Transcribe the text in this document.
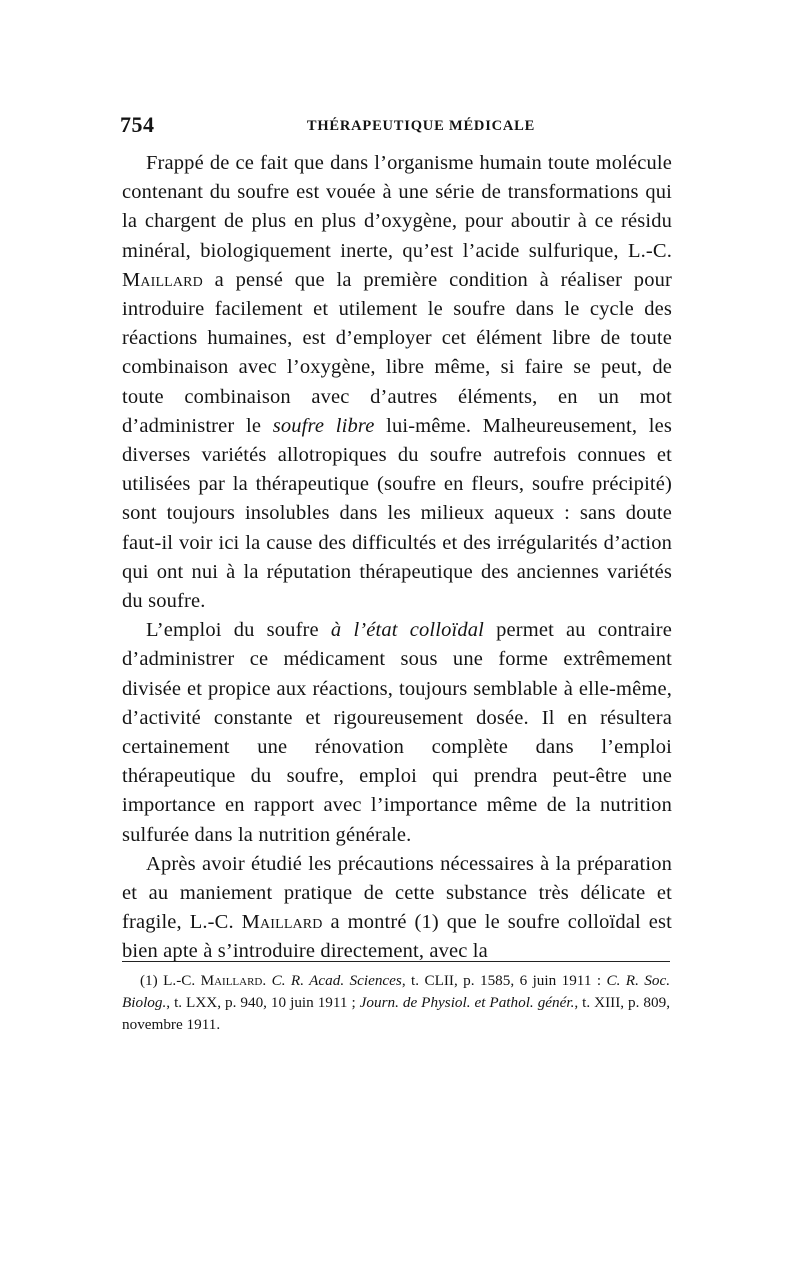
754	THÉRAPEUTIQUE MÉDICALE

Frappé de ce fait que dans l’organisme humain toute molécule contenant du soufre est vouée à une série de transformations qui la chargent de plus en plus d’oxygène, pour aboutir à ce résidu minéral, biologiquement inerte, qu’est l’acide sulfurique, L.-C. Maillard a pensé que la première condition à réaliser pour introduire facilement et utilement le soufre dans le cycle des réactions humaines, est d’employer cet élément libre de toute combinaison avec l’oxygène, libre même, si faire se peut, de toute combinaison avec d’autres éléments, en un mot d’administrer le soufre libre lui-même. Malheureusement, les diverses variétés allotropiques du soufre autrefois connues et utilisées par la thérapeutique (soufre en fleurs, soufre précipité) sont toujours insolubles dans les milieux aqueux : sans doute faut-il voir ici la cause des difficultés et des irrégularités d’action qui ont nui à la réputation thérapeutique des anciennes variétés du soufre.

L’emploi du soufre à l’état colloïdal permet au contraire d’administrer ce médicament sous une forme extrêmement divisée et propice aux réactions, toujours semblable à elle-même, d’activité constante et rigoureusement dosée. Il en résultera certainement une rénovation complète dans l’emploi thérapeutique du soufre, emploi qui prendra peut-être une importance en rapport avec l’importance même de la nutrition sulfurée dans la nutrition générale.

Après avoir étudié les précautions nécessaires à la préparation et au maniement pratique de cette substance très délicate et fragile, L.-C. Maillard a montré (1) que le soufre colloïdal est bien apte à s’introduire directement, avec la

(1) L.-C. Maillard. C. R. Acad. Sciences, t. CLII, p. 1585, 6 juin 1911 : C. R. Soc. Biolog., t. LXX, p. 940, 10 juin 1911 ; Journ. de Physiol. et Pathol. génér., t. XIII, p. 809, novembre 1911.
